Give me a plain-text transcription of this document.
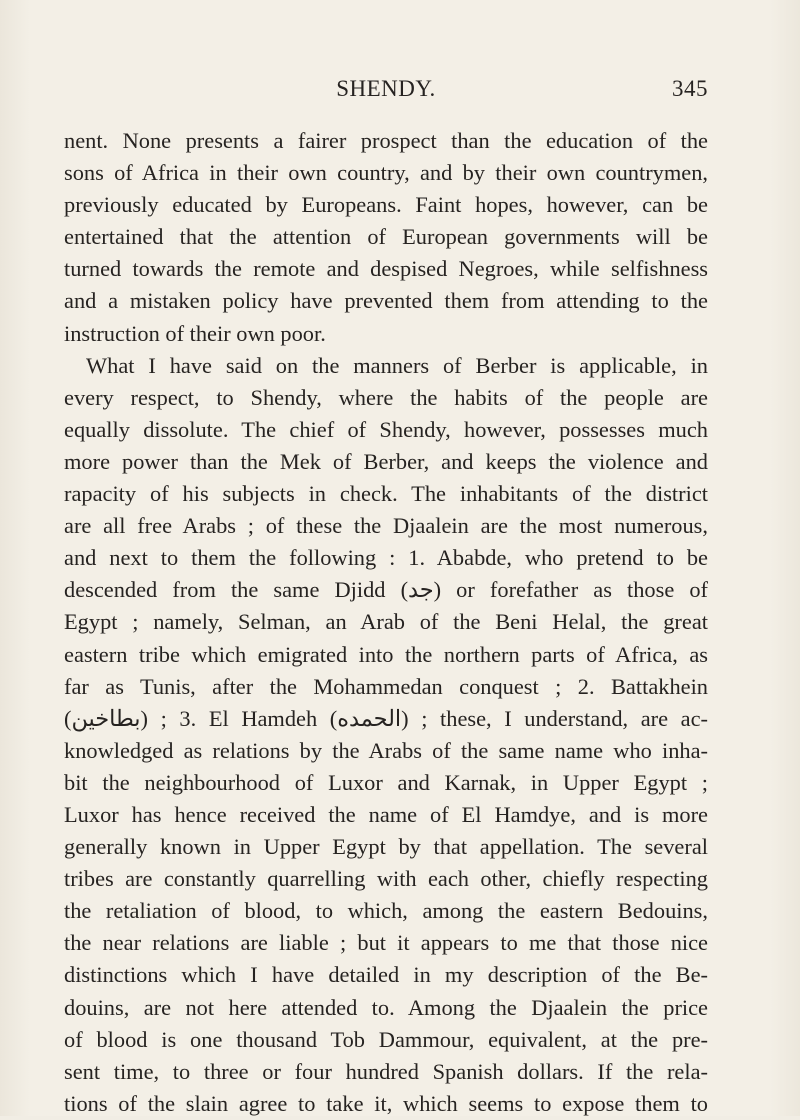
SHENDY.	345
nent. None presents a fairer prospect than the education of the
sons of Africa in their own country, and by their own countrymen,
previously educated by Europeans. Faint hopes, however, can be
entertained that the attention of European governments will be
turned towards the remote and despised Negroes, while selfishness
and a mistaken policy have prevented them from attending to the
instruction of their own poor.
What I have said on the manners of Berber is applicable, in
every respect, to Shendy, where the habits of the people are
equally dissolute. The chief of Shendy, however, possesses much
more power than the Mek of Berber, and keeps the violence and
rapacity of his subjects in check. The inhabitants of the district
are all free Arabs ; of these the Djaalein are the most numerous,
and next to them the following : 1. Ababde, who pretend to be
descended from the same Djidd (جد) or forefather as those of
Egypt ; namely, Selman, an Arab of the Beni Helal, the great
eastern tribe which emigrated into the northern parts of Africa, as
far as Tunis, after the Mohammedan conquest ; 2. Battakhein
(بطاخين) ; 3. El Hamdeh (الحمده) ; these, I understand, are ac-
knowledged as relations by the Arabs of the same name who inha-
bit the neighbourhood of Luxor and Karnak, in Upper Egypt ;
Luxor has hence received the name of El Hamdye, and is more
generally known in Upper Egypt by that appellation. The several
tribes are constantly quarrelling with each other, chiefly respecting
the retaliation of blood, to which, among the eastern Bedouins,
the near relations are liable ; but it appears to me that those nice
distinctions which I have detailed in my description of the Be-
douins, are not here attended to. Among the Djaalein the price
of blood is one thousand Tob Dammour, equivalent, at the pre-
sent time, to three or four hundred Spanish dollars. If the rela-
tions of the slain agree to take it, which seems to expose them to
